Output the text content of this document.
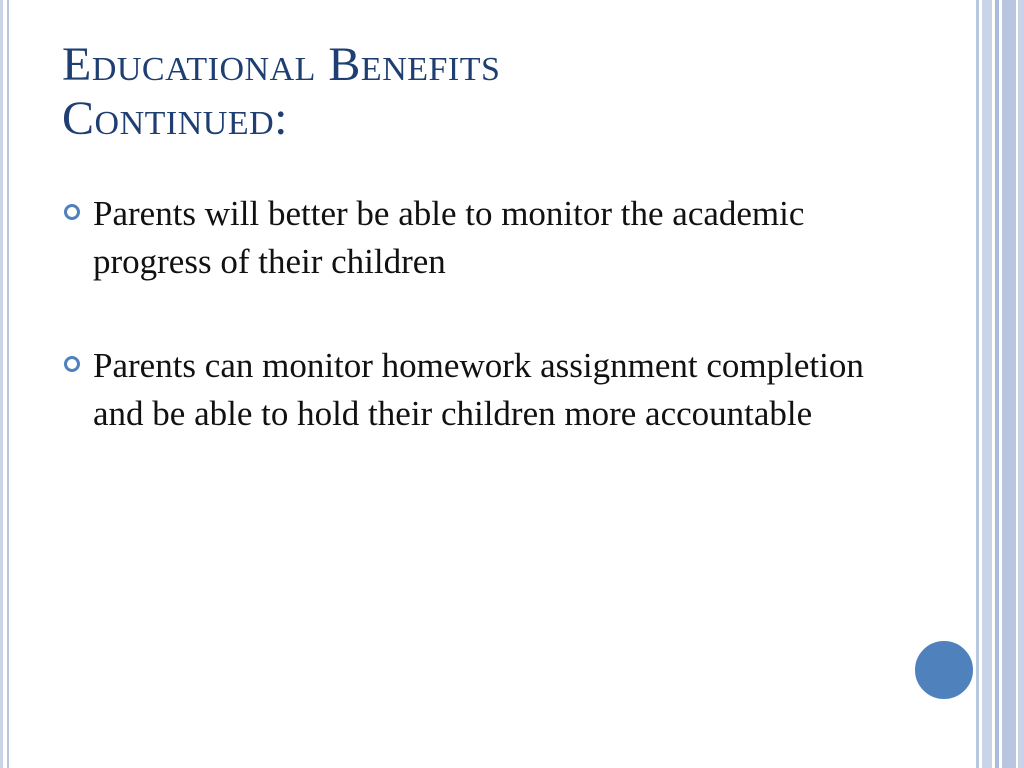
Educational Benefits
Continued:
Parents will better be able to monitor the academic progress of their children
Parents can monitor homework assignment completion and be able to hold their children more accountable
